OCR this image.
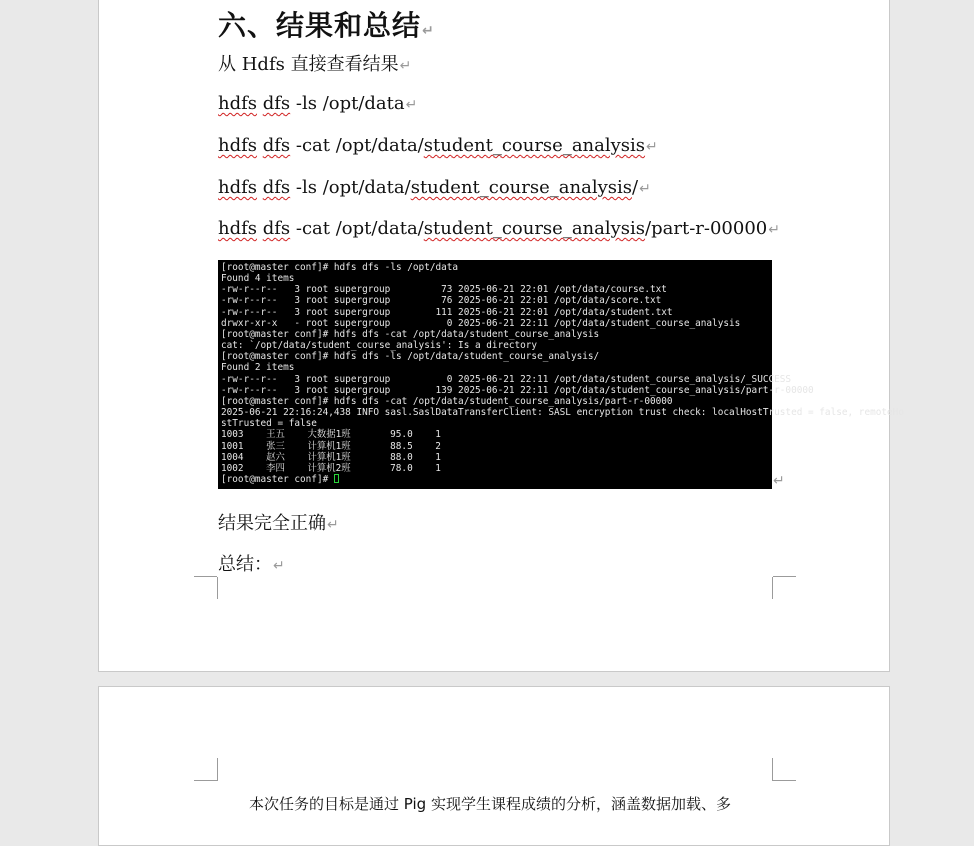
六、结果和总结↵
从 Hdfs 直接查看结果↵
hdfs dfs -ls /opt/data↵
hdfs dfs -cat /opt/data/student_course_analysis↵
hdfs dfs -ls /opt/data/student_course_analysis/↵
hdfs dfs -cat /opt/data/student_course_analysis/part-r-00000↵
[root@master conf]# hdfs dfs -ls /opt/data
Found 4 items
-rw-r--r--   3 root supergroup         73 2025-06-21 22:01 /opt/data/course.txt
-rw-r--r--   3 root supergroup         76 2025-06-21 22:01 /opt/data/score.txt
-rw-r--r--   3 root supergroup        111 2025-06-21 22:01 /opt/data/student.txt
drwxr-xr-x   - root supergroup          0 2025-06-21 22:11 /opt/data/student_course_analysis
[root@master conf]# hdfs dfs -cat /opt/data/student_course_analysis
cat: `/opt/data/student_course_analysis': Is a directory
[root@master conf]# hdfs dfs -ls /opt/data/student_course_analysis/
Found 2 items
-rw-r--r--   3 root supergroup          0 2025-06-21 22:11 /opt/data/student_course_analysis/_SUCCESS
-rw-r--r--   3 root supergroup        139 2025-06-21 22:11 /opt/data/student_course_analysis/part-r-00000
[root@master conf]# hdfs dfs -cat /opt/data/student_course_analysis/part-r-00000
2025-06-21 22:16:24,438 INFO sasl.SaslDataTransferClient: SASL encryption trust check: localHostTrusted = false, remoteHo
stTrusted = false
1003    王五    大数据1班       95.0    1
1001    张三    计算机1班       88.5    2
1004    赵六    计算机1班       88.0    1
1002    李四    计算机2班       78.0    1
[root@master conf]#	↵
结果完全正确↵
总结：↵
本次任务的目标是通过 Pig 实现学生课程成绩的分析，涵盖数据加载、多
